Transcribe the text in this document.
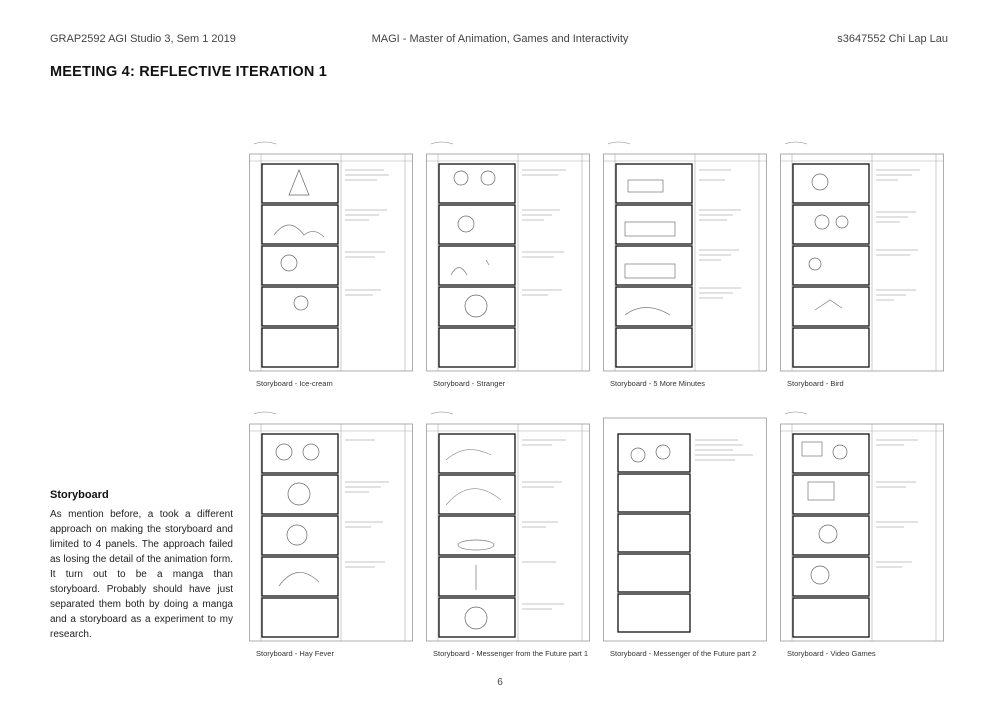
GRAP2592 AGI Studio 3, Sem 1 2019	MAGI - Master of Animation, Games and Interactivity	s3647552 Chi Lap Lau
MEETING 4: REFLECTIVE ITERATION 1
Storyboard
As mention before, a took a different approach on making the storyboard and limited to 4 panels. The approach failed as losing the detail of the animation form. It turn out to be a manga than storyboard. Probably should have just separated them both by doing a manga and a storyboard as a experiment to my research.
Storyboard - Ice-cream	Storyboard - Stranger	Storyboard - 5 More Minutes	Storyboard - Bird
Storyboard - Hay Fever	Storyboard - Messenger from the Future part 1	Storyboard - Messenger of the Future part 2	Storyboard - Video Games
6
